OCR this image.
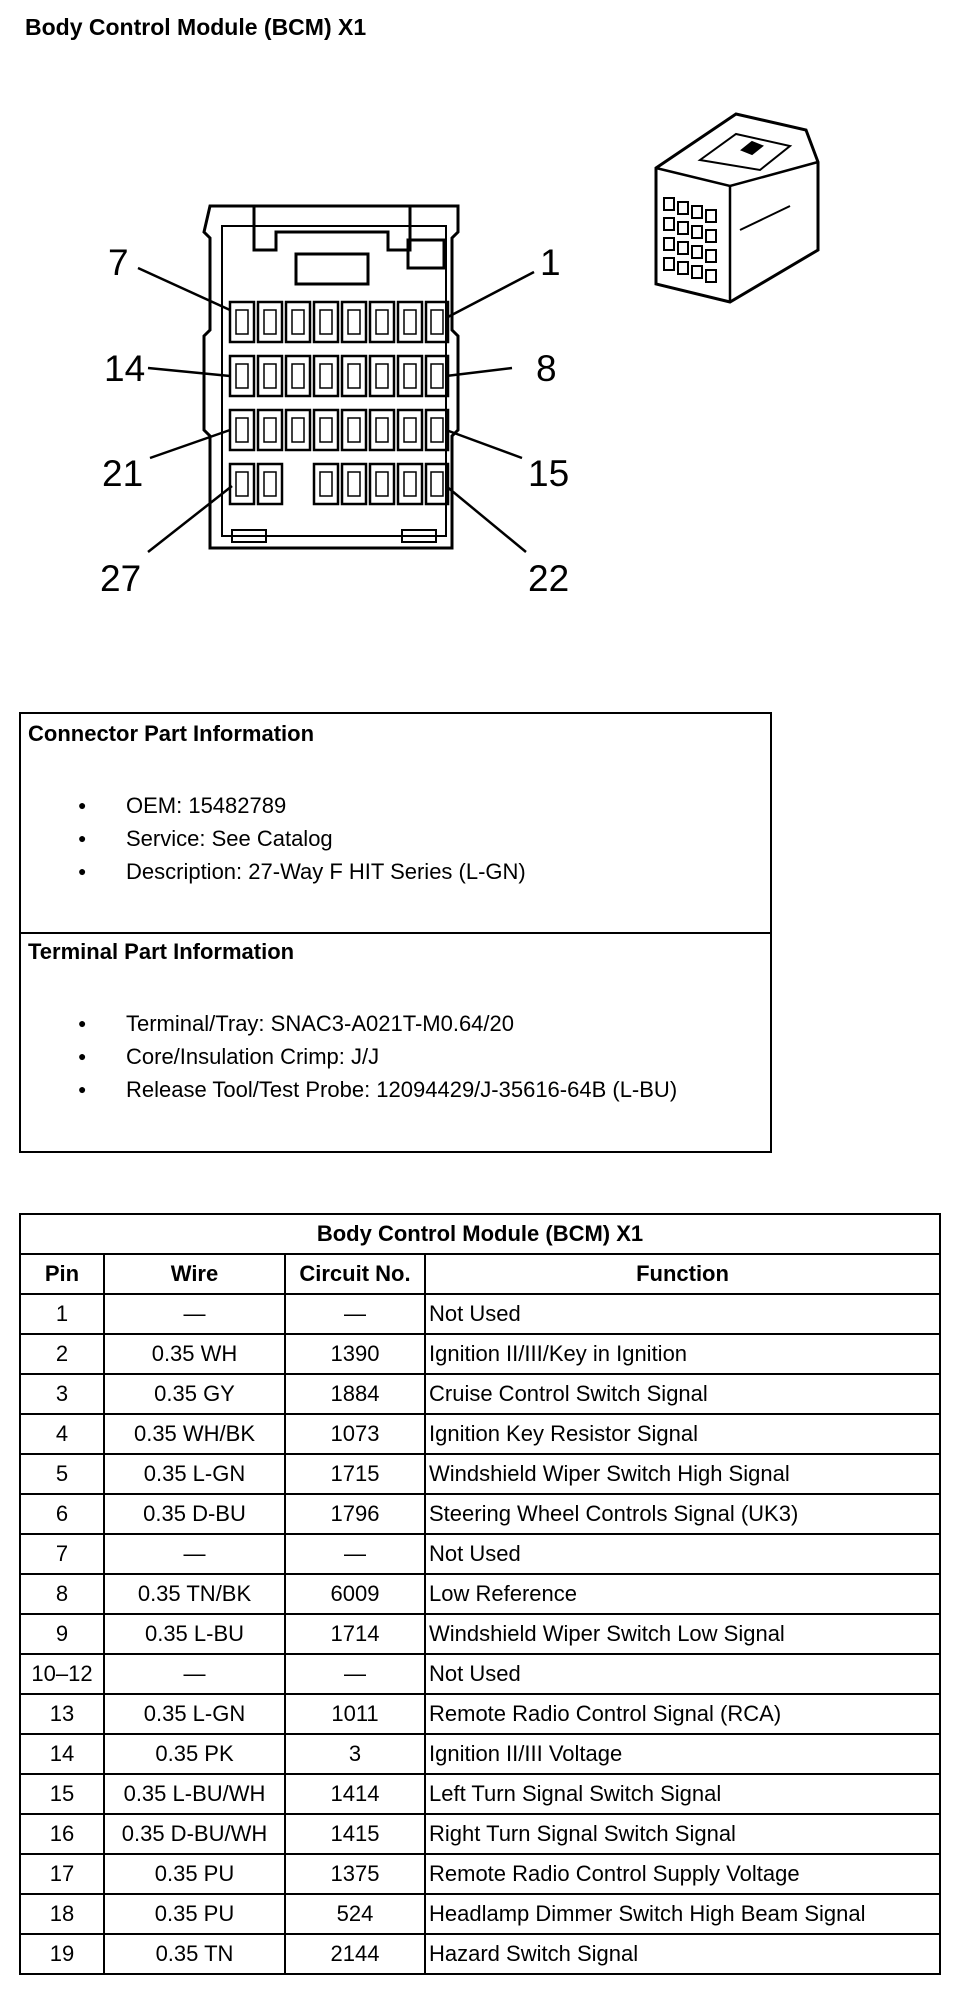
Body Control Module (BCM) X1
7	1
14	8
21	15
27	22
Connector Part Information
● OEM: 15482789
● Service: See Catalog
● Description: 27-Way F HIT Series (L-GN)
Terminal Part Information
● Terminal/Tray: SNAC3-A021T-M0.64/20
● Core/Insulation Crimp: J/J
● Release Tool/Test Probe: 12094429/J-35616-64B (L-BU)
Body Control Module (BCM) X1			
Pin	Wire	Circuit No.	Function
1	—	—	Not Used
2	0.35 WH	1390	Ignition II/III/Key in Ignition
3	0.35 GY	1884	Cruise Control Switch Signal
4	0.35 WH/BK	1073	Ignition Key Resistor Signal
5	0.35 L-GN	1715	Windshield Wiper Switch High Signal
6	0.35 D-BU	1796	Steering Wheel Controls Signal (UK3)
7	—	—	Not Used
8	0.35 TN/BK	6009	Low Reference
9	0.35 L-BU	1714	Windshield Wiper Switch Low Signal
10–12	—	—	Not Used
13	0.35 L-GN	1011	Remote Radio Control Signal (RCA)
14	0.35 PK	3	Ignition II/III Voltage
15	0.35 L-BU/WH	1414	Left Turn Signal Switch Signal
16	0.35 D-BU/WH	1415	Right Turn Signal Switch Signal
17	0.35 PU	1375	Remote Radio Control Supply Voltage
18	0.35 PU	524	Headlamp Dimmer Switch High Beam Signal
19	0.35 TN	2144	Hazard Switch Signal
